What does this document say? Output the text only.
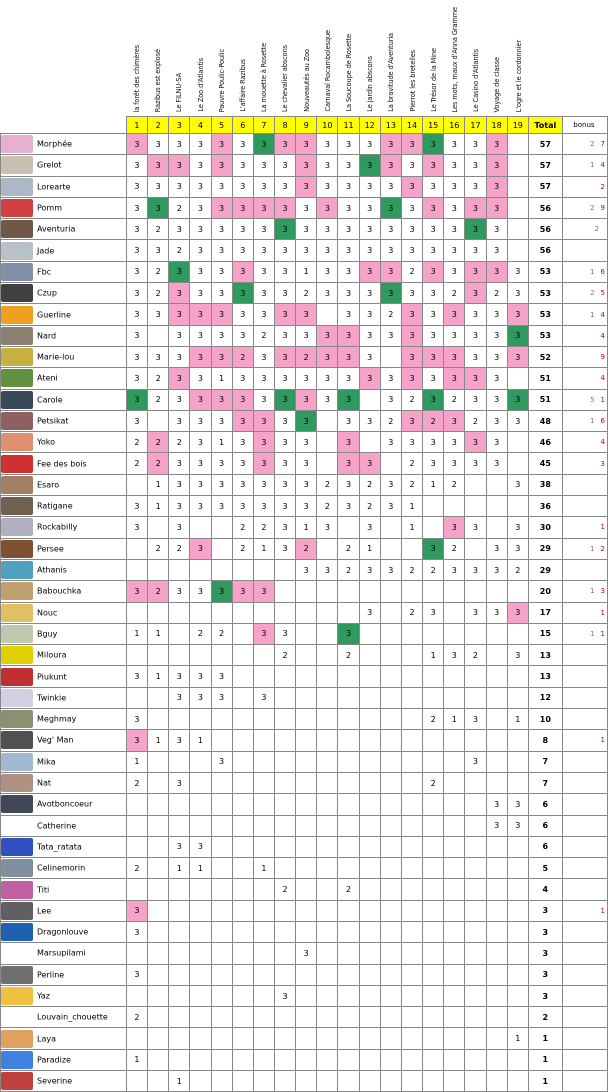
la forêt des chimères Razibus est explosé Le FILNU-SA Le Zoo d'Atlantis Pauvre Poulic-Poulic L'affaire Razibus La mouette à Rosette Le chevalier abscons Nouveautés au Zoo Carnaval Rocambolesque La Soucoupe de Rosette Le jardin abscons La bravitude d'Aventuria Pierrot les bretelles Le Trésor de la Mine Les mots, maux d'Anna Gramme Le Casino d'Atlantis Voyage de classe L'ogre et le cordonnier
	1	2	3	4	5	6	7	8	9	10	11	12	13	14	15	16	17	18	19	Total	bonus
Morphée	3	3	3	3	3	3	3	3	3	3	3	3	3	3	3	3	3	3		57	2 7
Grelot	3	3	3	3	3	3	3	3	3	3	3	3	3	3	3	3	3	3		57	1 4
Lorearte	3	3	3	3	3	3	3	3	3	3	3	3	3	3	3	3	3	3		57	2
Pomm	3	3	2	3	3	3	3	3	3	3	3	3	3	3	3	3	3	3		56	2 9
Aventuria	3	2	3	3	3	3	3	3	3	3	3	3	3	3	3	3	3	3		56	2
Jade	3	3	2	3	3	3	3	3	3	3	3	3	3	3	3	3	3	3		56	
Fbc	3	2	3	3	3	3	3	3	1	3	3	3	3	2	3	3	3	3	3	53	1 6
Czup	3	2	3	3	3	3	3	3	2	3	3	3	3	3	3	2	3	2	3	53	2 5
Guerline	3	3	3	3	3	3	3	3	3		3	3	2	3	3	3	3	3	3	53	1 4
Nard	3		3	3	3	3	2	3	3	3	3	3	3	3	3	3	3	3	3	53	4
Marie-lou	3	3	3	3	3	2	3	3	2	3	3	3		3	3	3	3	3	3	52	9
Ateni	3	2	3	3	1	3	3	3	3	3	3	3	3	3	3	3	3	3		51	4
Carole	3	2	3	3	3	3	3	3	3	3	3		3	2	3	2	3	3	3	51	5 1
Petsikat	3		3	3	3	3	3	3	3		3	3	2	3	2	3	2	3	3	48	1 6
Yoko	2	2	2	3	1	3	3	3	3		3		3	3	3	3	3	3		46	4
Fee des bois	2	2	3	3	3	3	3	3	3		3	3		2	3	3	3	3		45	3
Esaro		1	3	3	3	3	3	3	3	2	3	2	3	2	1	2			3	38	
Ratigane	3	1	3	3	3	3	3	3	3	2	3	2	3	1						36	
Rockabilly	3		3			2	2	3	1	3		3		1		3	3		3	30	1
Persee		2	2	3		2	1	3	2		2	1			3	2		3	3	29	1 2
Athanis									3	3	2	3	3	2	2	3	3	3	2	29	
Babouchka	3	2	3	3	3	3	3													20	1 3
Nouc												3		2	3		3	3	3	17	1
Bguy	1	1		2	2		3	3			3									15	1 1
Miloura								2			2				1	3	2		3	13	
Piukunt	3	1	3	3	3															13	
Twinkie			3	3	3		3													12	
Meghmay	3														2	1	3		1	10	
Veg' Man	3	1	3	1																8	1
Mika	1				3												3			7	
Nat	2		3												2					7	
Avotboncoeur																		3	3	6	
Catherine																		3	3	6	
Tata_ratata			3	3																6	
Celinemorin	2		1	1			1													5	
Titi								2			2									4	
Lee	3																			3	1
Dragonlouve	3																			3	
Marsupilami									3											3	
Perline	3																			3	
Yaz								3												3	
Louvain_chouette	2																			2	
Laya																			1	1	
Paradize	1																			1	
Severine			1																	1	
